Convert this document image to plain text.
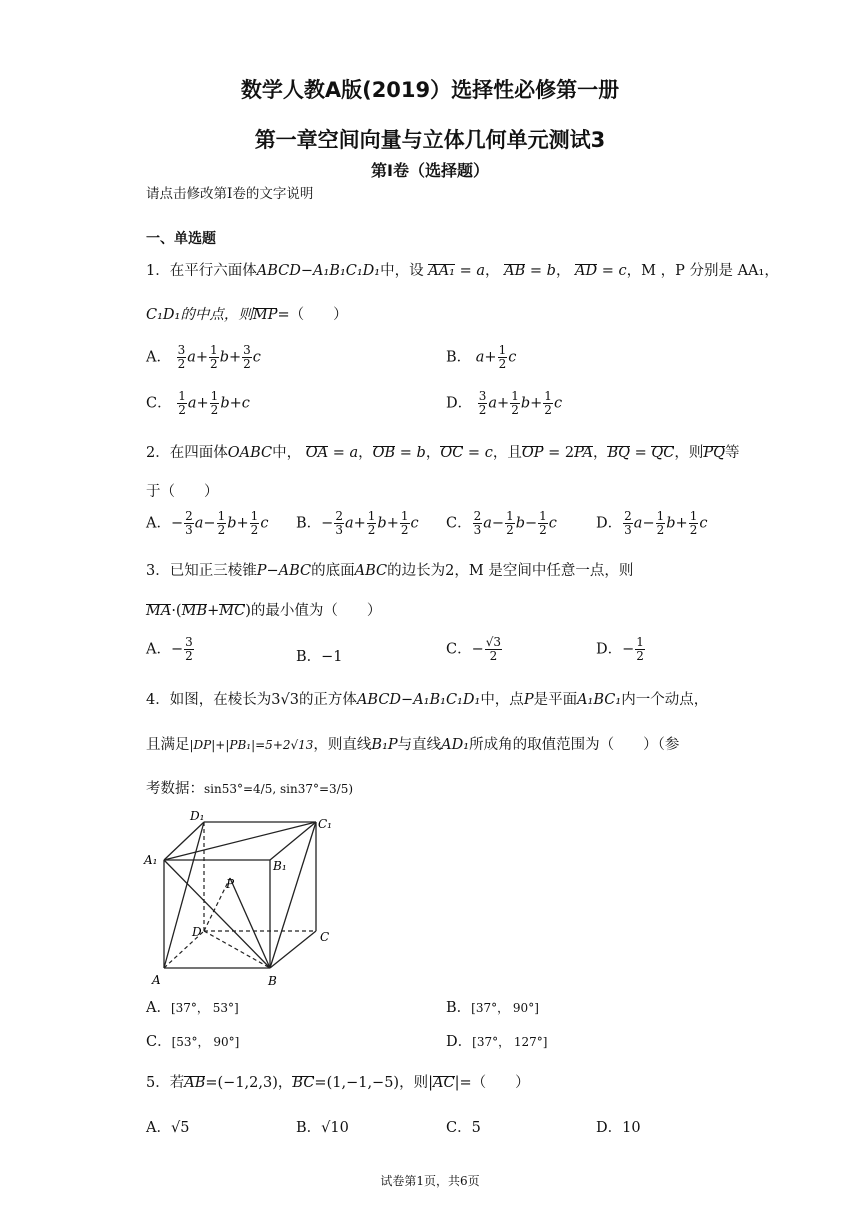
数学人教A版(2019）选择性必修第一册
第一章空间向量与立体几何单元测试3
第I卷（选择题）
请点击修改第I卷的文字说明
一、单选题
1．在平行六面体ABCD−A₁B₁C₁D₁中，设 AA₁ = a， AB = b， AD = c，M ，P 分别是 AA₁，
C₁D₁的中点，则MP=（　　）
A． $\frac{3}{2} a+ \frac{1}{2} b+ \frac{3}{2}$ c	B． $a+ \frac{1}{2}$ c
C． $\frac{1}{2} a+ \frac{1}{2} b+c$	D． $\frac{3}{2} a+ \frac{1}{2} b+ \frac{1}{2}$ c
2．在四面体OABC中， OA = a，OB = b，OC = c，且OP = 2PA，BQ = QC，则PQ等
于（　　）
A．− $\frac{2}{3} a- \frac{1}{2} b+ \frac{1}{2}$ c B．− $\frac{2}{3} a+ \frac{1}{2} b+ \frac{1}{2}$ c C． $\frac{2}{3} a- \frac{1}{2} b- \frac{1}{2}$ c	D． $\frac{2}{3} a- \frac{1}{2} b+ \frac{1}{2}$ c
3．已知正三棱锥P−ABC的底面ABC的边长为2，M 是空间中任意一点，则
MA·(MB+MC)的最小值为（　　）
A．− $\frac{3}{2}$	B．−1	C．− $\frac{√3}{2}$	D．− $\frac{1}{2}$
4．如图，在棱长为3√3的正方体ABCD−A₁B₁C₁D₁中，点P是平面A₁BC₁内一个动点，
且满足|DP|+|PB₁|=5+2√13，则直线B₁P与直线AD₁所成角的取值范围为（　　）（参
考数据：sin53°=4/5, sin37°=3/5)
D₁
C₁
A₁	B₁
P
D	C
A	B
A．[37°， 53°]	B．[37°， 90°]
C．[53°， 90°]	D．[37°， 127°]
5．若AB=(−1,2,3)，BC=(1,−1,−5)，则|AC|=（　　）
A．√5	B．√10	C．5	D．10
试卷第1页，共6页
